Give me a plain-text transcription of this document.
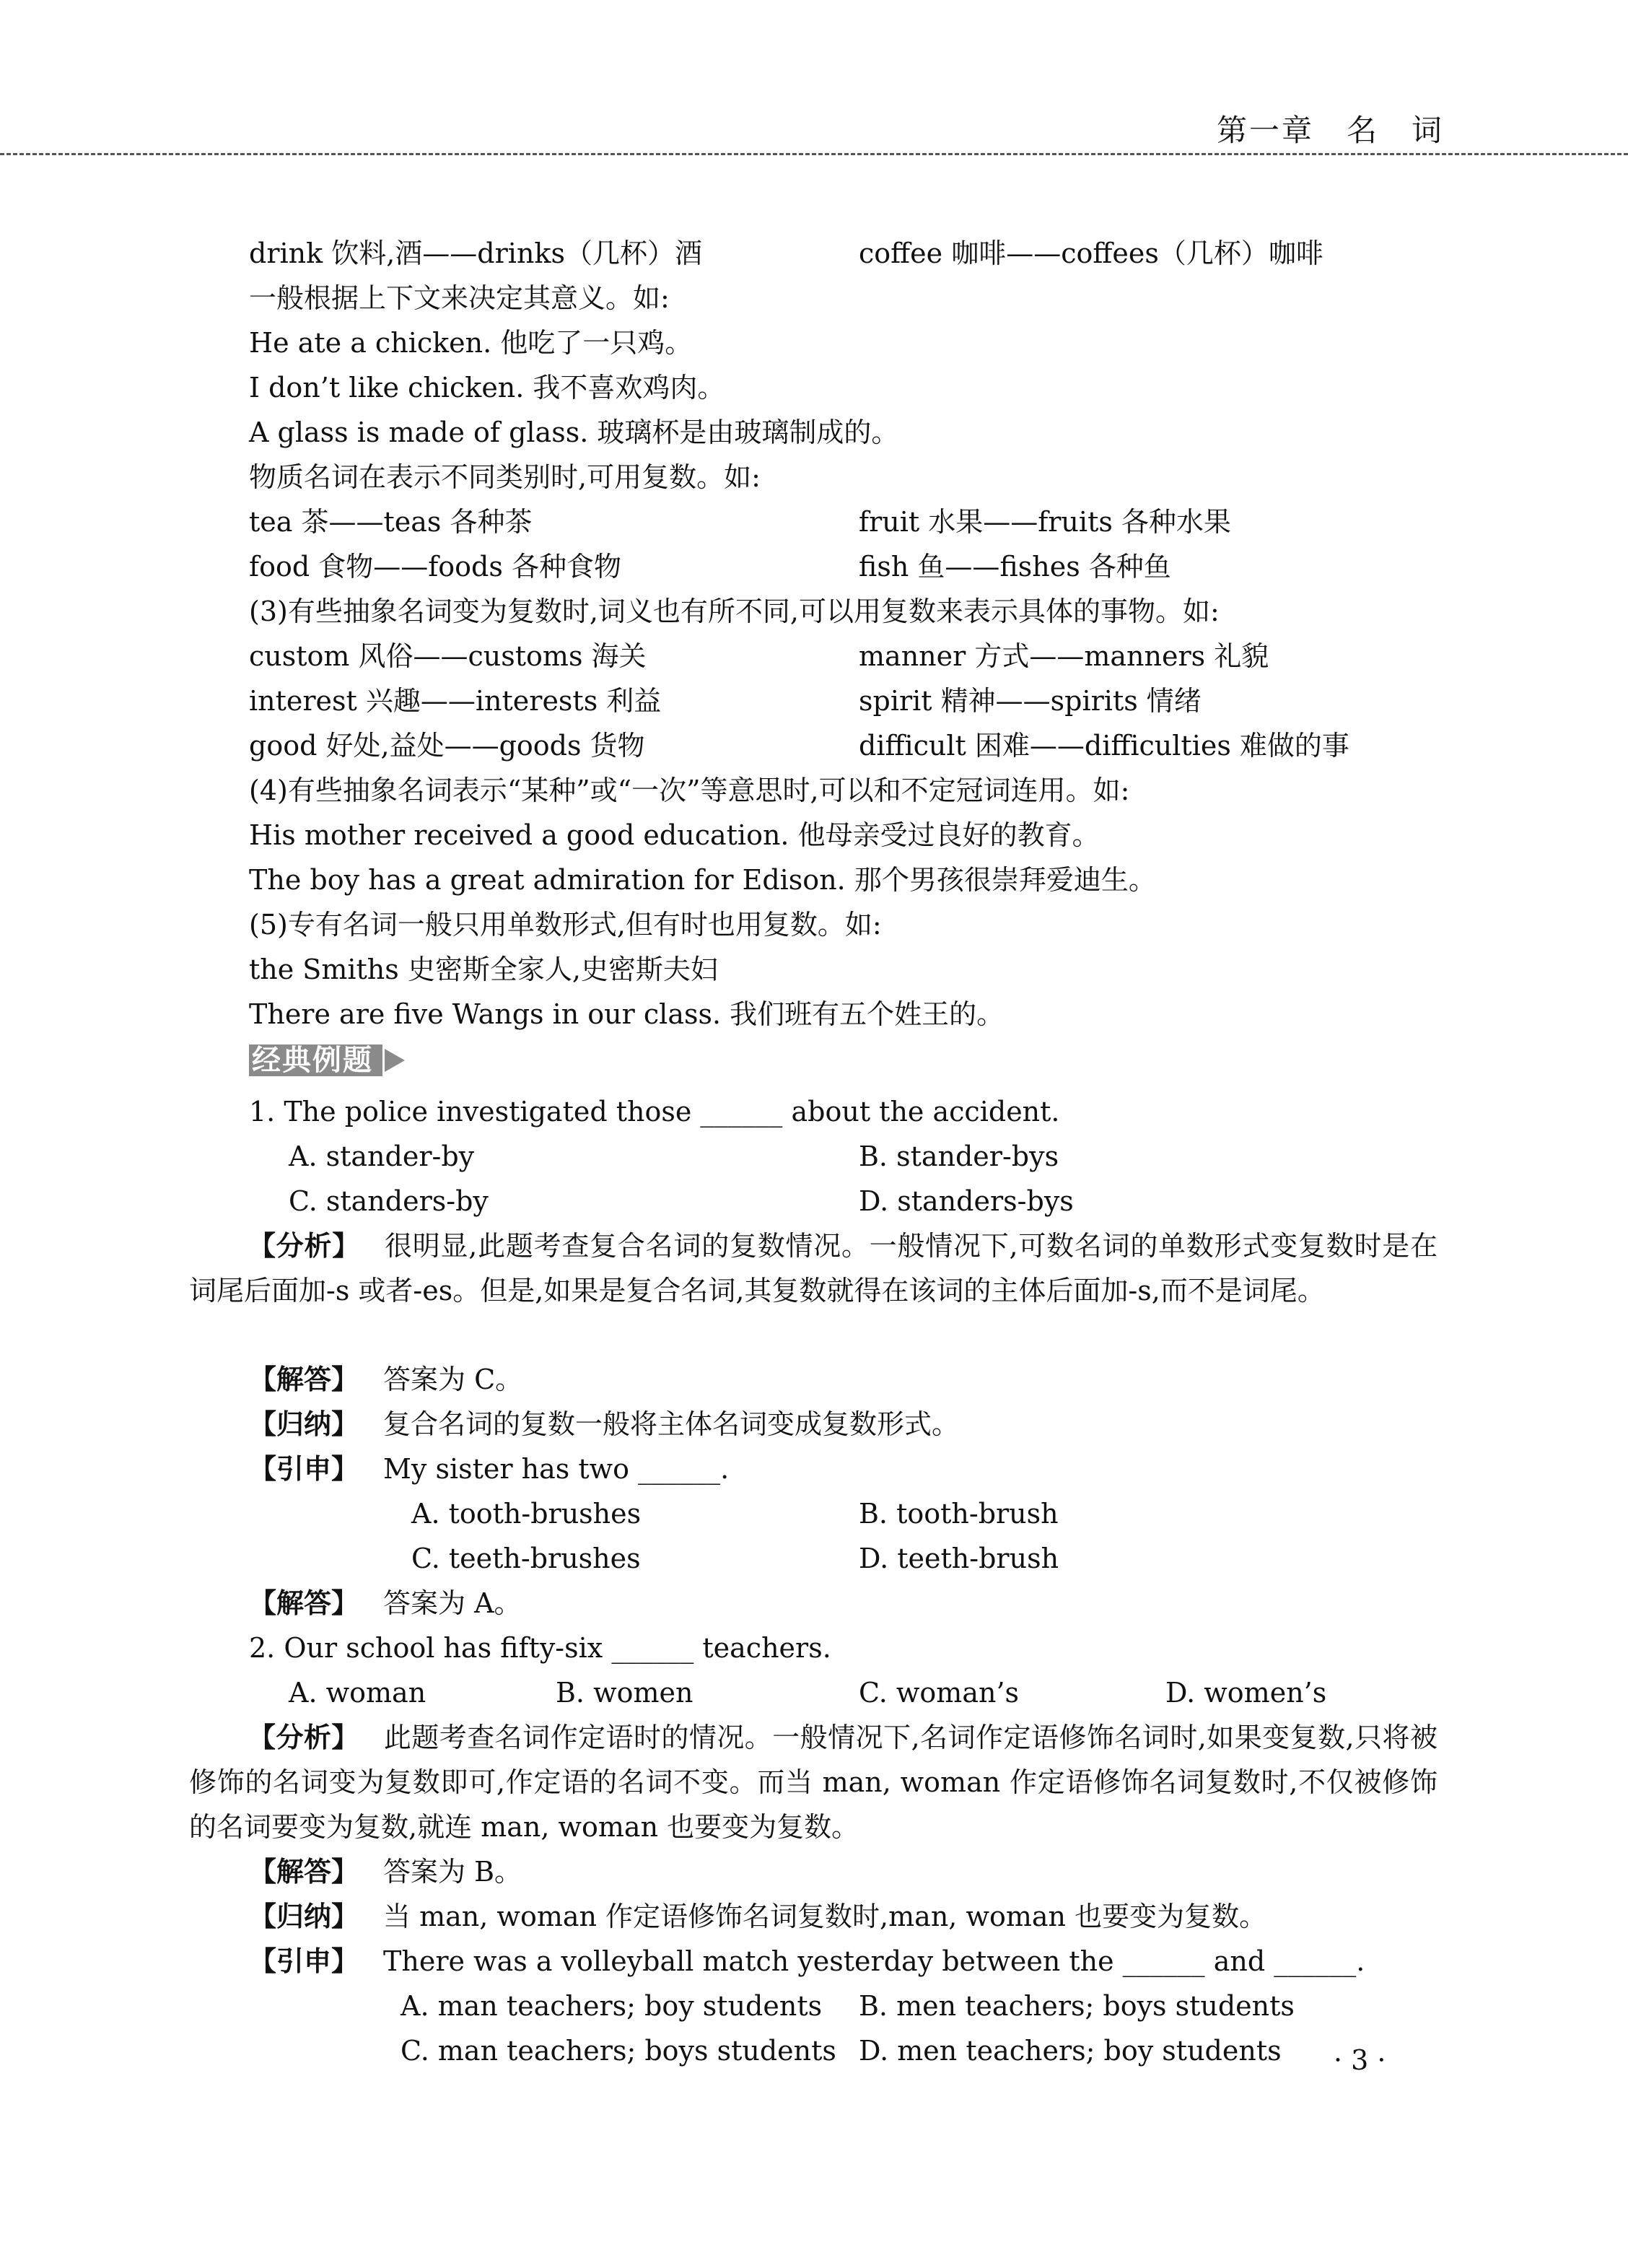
第一章　名　词
drink 饮料,酒——drinks（几杯）酒	coffee 咖啡——coffees（几杯）咖啡
一般根据上下文来决定其意义。如:
He ate a chicken. 他吃了一只鸡。
I don’t like chicken. 我不喜欢鸡肉。
A glass is made of glass. 玻璃杯是由玻璃制成的。
物质名词在表示不同类别时,可用复数。如:
tea 茶——teas 各种茶	fruit 水果——fruits 各种水果
food 食物——foods 各种食物	fish 鱼——fishes 各种鱼
(3)有些抽象名词变为复数时,词义也有所不同,可以用复数来表示具体的事物。如:
custom 风俗——customs 海关	manner 方式——manners 礼貌
interest 兴趣——interests 利益	spirit 精神——spirits 情绪
good 好处,益处——goods 货物	difficult 困难——difficulties 难做的事
(4)有些抽象名词表示“某种”或“一次”等意思时,可以和不定冠词连用。如:
His mother received a good education. 他母亲受过良好的教育。
The boy has a great admiration for Edison. 那个男孩很崇拜爱迪生。
(5)专有名词一般只用单数形式,但有时也用复数。如:
the Smiths 史密斯全家人,史密斯夫妇
There are five Wangs in our class. 我们班有五个姓王的。
经典例题
1. The police investigated those ______ about the accident.
A. stander-by	B. stander-bys
C. standers-by	D. standers-bys
【分析】 很明显,此题考查复合名词的复数情况。一般情况下,可数名词的单数形式变复数时是在词尾后面加-s 或者-es。但是,如果是复合名词,其复数就得在该词的主体后面加-s,而不是词尾。
【解答】 答案为 C。
【归纳】 复合名词的复数一般将主体名词变成复数形式。
【引申】 My sister has two ______.
A. tooth-brushes	B. tooth-brush
C. teeth-brushes	D. teeth-brush
【解答】 答案为 A。
2. Our school has fifty-six ______ teachers.
A. woman	B. women	C. woman’s	D. women’s
【分析】 此题考查名词作定语时的情况。一般情况下,名词作定语修饰名词时,如果变复数,只将被修饰的名词变为复数即可,作定语的名词不变。而当 man, woman 作定语修饰名词复数时,不仅被修饰的名词要变为复数,就连 man, woman 也要变为复数。
【解答】 答案为 B。
【归纳】 当 man, woman 作定语修饰名词复数时,man, woman 也要变为复数。
【引申】 There was a volleyball match yesterday between the ______ and ______.
A. man teachers; boy students B. men teachers; boys students
C. man teachers; boys students D. men teachers; boy students · 3 ·
